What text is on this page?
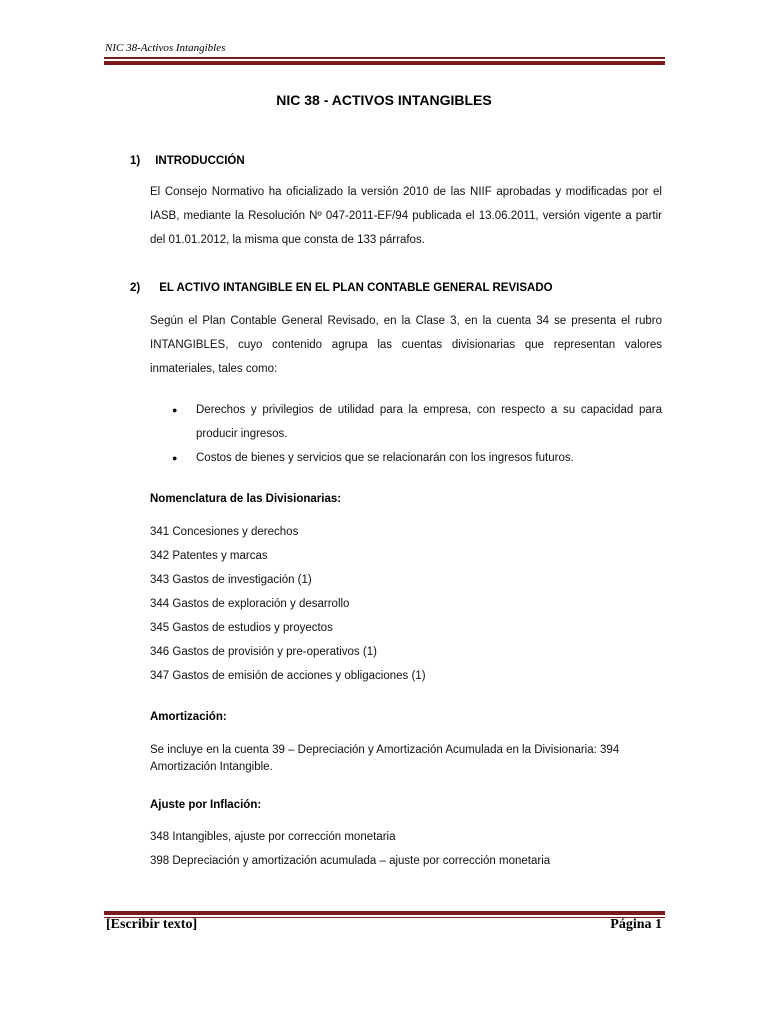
NIC 38-Activos Intangibles
NIC 38 - ACTIVOS INTANGIBLES
1) INTRODUCCIÓN
El Consejo Normativo ha oficializado la versión 2010 de las NIIF aprobadas y modificadas por el IASB, mediante la Resolución Nº 047-2011-EF/94 publicada el 13.06.2011, versión vigente a partir del 01.01.2012, la misma que consta de 133 párrafos.
2) EL ACTIVO INTANGIBLE EN EL PLAN CONTABLE GENERAL REVISADO
Según el Plan Contable General Revisado, en la Clase 3, en la cuenta 34 se presenta el rubro INTANGIBLES, cuyo contenido agrupa las cuentas divisionarias que representan valores inmateriales, tales como:
● Derechos y privilegios de utilidad para la empresa, con respecto a su capacidad para producir ingresos.
● Costos de bienes y servicios que se relacionarán con los ingresos futuros.
Nomenclatura de las Divisionarias:
341 Concesiones y derechos
342 Patentes y marcas
343 Gastos de investigación (1)
344 Gastos de exploración y desarrollo
345 Gastos de estudios y proyectos
346 Gastos de provisión y pre-operativos (1)
347 Gastos de emisión de acciones y obligaciones (1)
Amortización:
Se incluye en la cuenta 39 – Depreciación y Amortización Acumulada en la Divisionaria: 394 Amortización Intangible.
Ajuste por Inflación:
348 Intangibles, ajuste por corrección monetaria
398 Depreciación y amortización acumulada – ajuste por corrección monetaria
[Escribir texto]	Página 1
